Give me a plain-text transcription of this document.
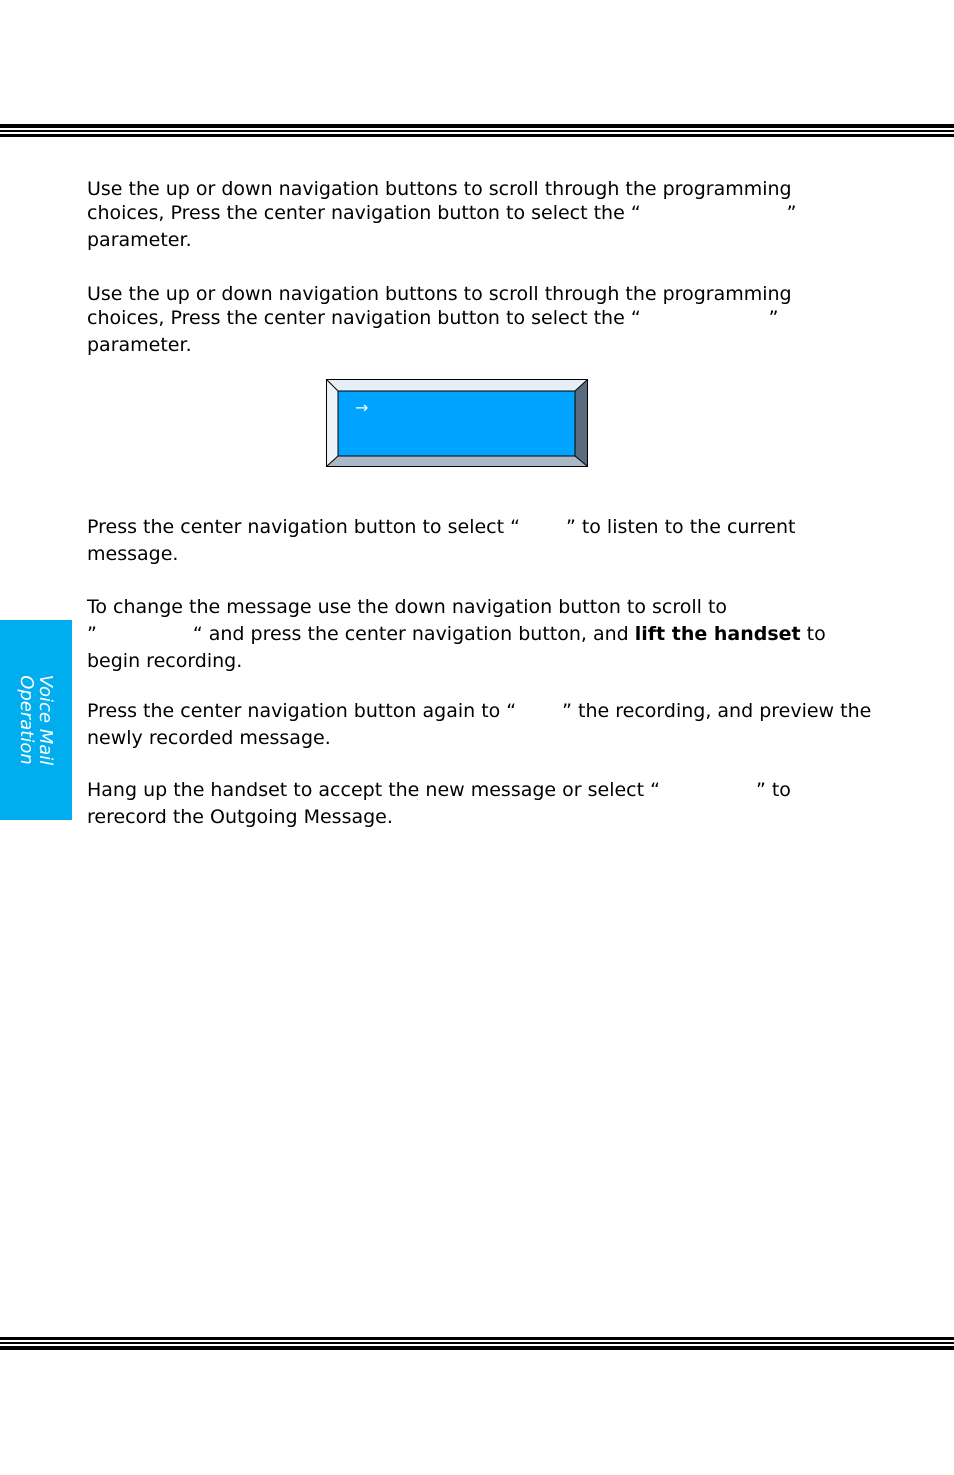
Use the up or down navigation buttons to scroll through the programming
choices, Press the center navigation button to select the “	”
parameter.
Use the up or down navigation buttons to scroll through the programming
choices, Press the center navigation button to select the “	”
parameter.
→
Press the center navigation button to select “ ” to listen to the current
message.
To change the message use the down navigation button to scroll to
”	“ and press the center navigation button, and lift the handset to
begin recording.
Press the center navigation button again to “ ” the recording, and preview the
newly recorded message.
Hang up the handset to accept the new message or select “	” to
rerecord the Outgoing Message.
Voice Mail
Operation
